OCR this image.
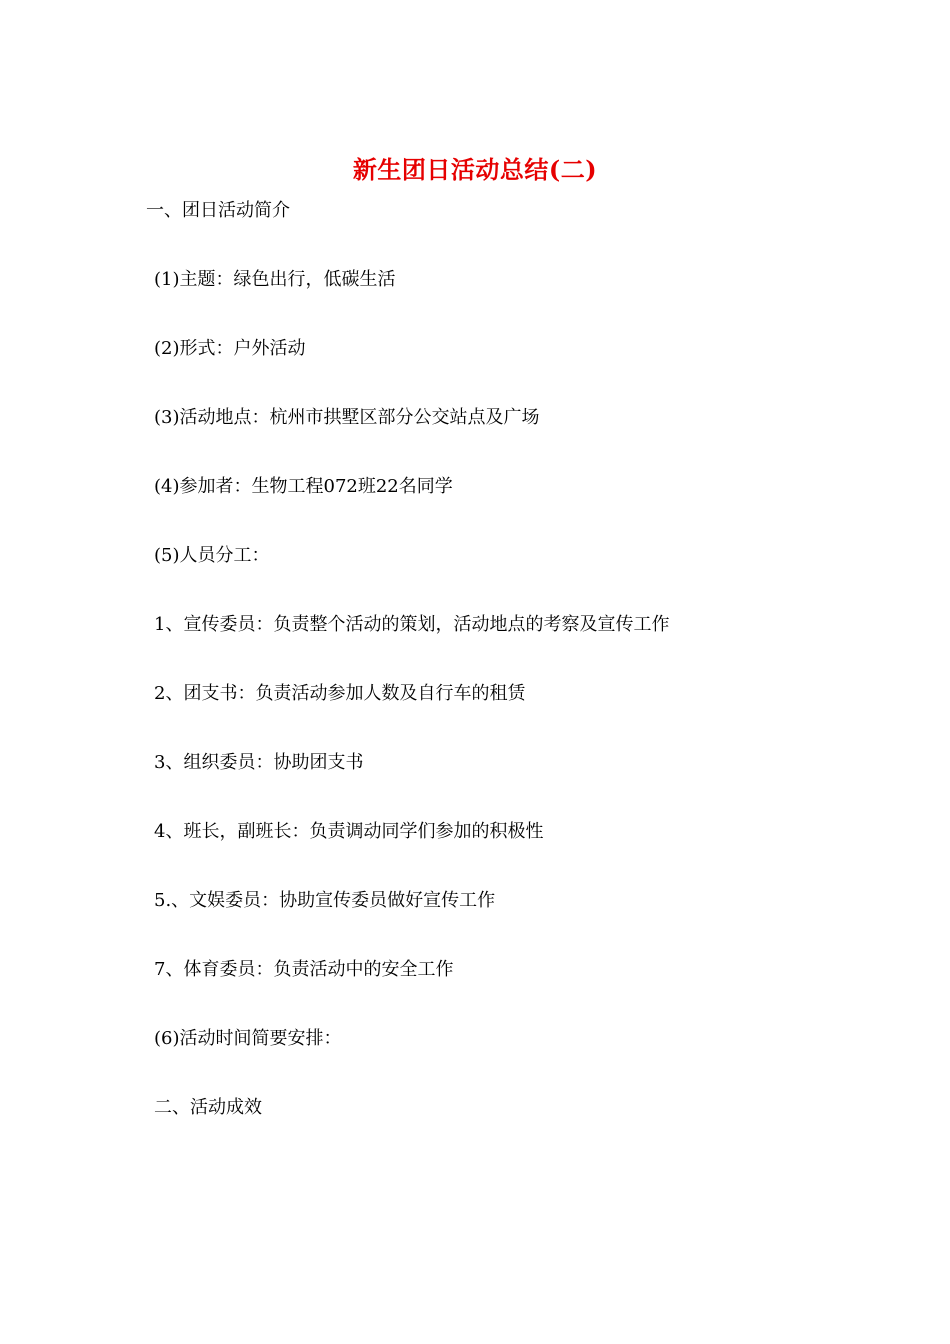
新生团日活动总结(二)
一、团日活动简介
(1)主题：绿色出行，低碳生活
(2)形式：户外活动
(3)活动地点：杭州市拱墅区部分公交站点及广场
(4)参加者：生物工程072班22名同学
(5)人员分工：
1、宣传委员：负责整个活动的策划，活动地点的考察及宣传工作
2、团支书：负责活动参加人数及自行车的租赁
3、组织委员：协助团支书
4、班长，副班长：负责调动同学们参加的积极性
5.、文娱委员：协助宣传委员做好宣传工作
7、体育委员：负责活动中的安全工作
(6)活动时间简要安排：
二、活动成效
